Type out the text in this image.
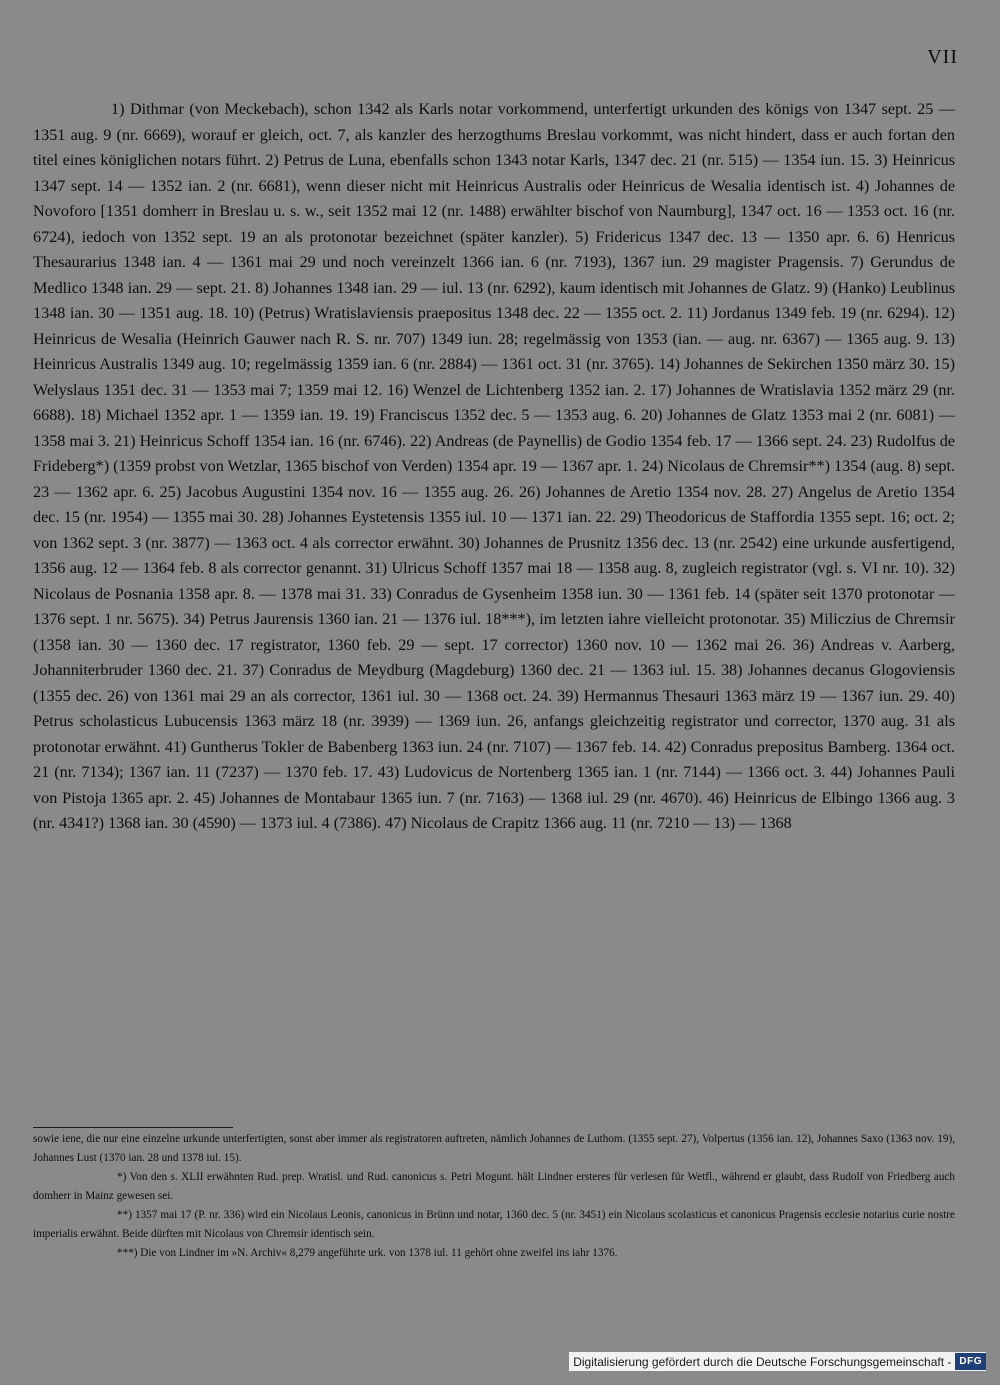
VII

1) Dithmar (von Meckebach), schon 1342 als Karls notar vorkommend, unterfertigt urkunden des königs von 1347 sept. 25 — 1351 aug. 9 (nr. 6669), worauf er gleich, oct. 7, als kanzler des herzogthums Breslau vorkommt, was nicht hindert, dass er auch fortan den titel eines königlichen notars führt. 2) Petrus de Luna, ebenfalls schon 1343 notar Karls, 1347 dec. 21 (nr. 515) — 1354 iun. 15. 3) Heinricus 1347 sept. 14 — 1352 ian. 2 (nr. 6681), wenn dieser nicht mit Heinricus Australis oder Heinricus de Wesalia identisch ist. 4) Johannes de Novoforo [1351 domherr in Breslau u. s. w., seit 1352 mai 12 (nr. 1488) erwählter bischof von Naumburg], 1347 oct. 16 — 1353 oct. 16 (nr. 6724), iedoch von 1352 sept. 19 an als protonotar bezeichnet (später kanzler). 5) Fridericus 1347 dec. 13 — 1350 apr. 6. 6) Henricus Thesaurarius 1348 ian. 4 — 1361 mai 29 und noch vereinzelt 1366 ian. 6 (nr. 7193), 1367 iun. 29 magister Pragensis. 7) Gerundus de Medlico 1348 ian. 29 — sept. 21. 8) Johannes 1348 ian. 29 — iul. 13 (nr. 6292), kaum identisch mit Johannes de Glatz. 9) (Hanko) Leublinus 1348 ian. 30 — 1351 aug. 18. 10) (Petrus) Wratislaviensis praepositus 1348 dec. 22 — 1355 oct. 2. 11) Jordanus 1349 feb. 19 (nr. 6294). 12) Heinricus de Wesalia (Heinrich Gauwer nach R. S. nr. 707) 1349 iun. 28; regelmässig von 1353 (ian. — aug. nr. 6367) — 1365 aug. 9. 13) Heinricus Australis 1349 aug. 10; regelmässig 1359 ian. 6 (nr. 2884) — 1361 oct. 31 (nr. 3765). 14) Johannes de Sekirchen 1350 märz 30. 15) Welyslaus 1351 dec. 31 — 1353 mai 7; 1359 mai 12. 16) Wenzel de Lichtenberg 1352 ian. 2. 17) Johannes de Wratislavia 1352 märz 29 (nr. 6688). 18) Michael 1352 apr. 1 — 1359 ian. 19. 19) Franciscus 1352 dec. 5 — 1353 aug. 6. 20) Johannes de Glatz 1353 mai 2 (nr. 6081) — 1358 mai 3. 21) Heinricus Schoff 1354 ian. 16 (nr. 6746). 22) Andreas (de Paynellis) de Godio 1354 feb. 17 — 1366 sept. 24. 23) Rudolfus de Frideberg*) (1359 probst von Wetzlar, 1365 bischof von Verden) 1354 apr. 19 — 1367 apr. 1. 24) Nicolaus de Chremsir**) 1354 (aug. 8) sept. 23 — 1362 apr. 6. 25) Jacobus Augustini 1354 nov. 16 — 1355 aug. 26. 26) Johannes de Aretio 1354 nov. 28. 27) Angelus de Aretio 1354 dec. 15 (nr. 1954) — 1355 mai 30. 28) Johannes Eystetensis 1355 iul. 10 — 1371 ian. 22. 29) Theodoricus de Staffordia 1355 sept. 16; oct. 2; von 1362 sept. 3 (nr. 3877) — 1363 oct. 4 als corrector erwähnt. 30) Johannes de Prusnitz 1356 dec. 13 (nr. 2542) eine urkunde ausfertigend, 1356 aug. 12 — 1364 feb. 8 als corrector genannt. 31) Ulricus Schoff 1357 mai 18 — 1358 aug. 8, zugleich registrator (vgl. s. VI nr. 10). 32) Nicolaus de Posnania 1358 apr. 8. — 1378 mai 31. 33) Conradus de Gysenheim 1358 iun. 30 — 1361 feb. 14 (später seit 1370 protonotar — 1376 sept. 1 nr. 5675). 34) Petrus Jaurensis 1360 ian. 21 — 1376 iul. 18***), im letzten iahre vielleicht protonotar. 35) Miliczius de Chremsir (1358 ian. 30 — 1360 dec. 17 registrator, 1360 feb. 29 — sept. 17 corrector) 1360 nov. 10 — 1362 mai 26. 36) Andreas v. Aarberg, Johanniterbruder 1360 dec. 21. 37) Conradus de Meydburg (Magdeburg) 1360 dec. 21 — 1363 iul. 15. 38) Johannes decanus Glogoviensis (1355 dec. 26) von 1361 mai 29 an als corrector, 1361 iul. 30 — 1368 oct. 24. 39) Hermannus Thesauri 1363 märz 19 — 1367 iun. 29. 40) Petrus scholasticus Lubucensis 1363 märz 18 (nr. 3939) — 1369 iun. 26, anfangs gleichzeitig registrator und corrector, 1370 aug. 31 als protonotar erwähnt. 41) Guntherus Tokler de Babenberg 1363 iun. 24 (nr. 7107) — 1367 feb. 14. 42) Conradus prepositus Bamberg. 1364 oct. 21 (nr. 7134); 1367 ian. 11 (7237) — 1370 feb. 17. 43) Ludovicus de Nortenberg 1365 ian. 1 (nr. 7144) — 1366 oct. 3. 44) Johannes Pauli von Pistoja 1365 apr. 2. 45) Johannes de Montabaur 1365 iun. 7 (nr. 7163) — 1368 iul. 29 (nr. 4670). 46) Heinricus de Elbingo 1366 aug. 3 (nr. 4341?) 1368 ian. 30 (4590) — 1373 iul. 4 (7386). 47) Nicolaus de Crapitz 1366 aug. 11 (nr. 7210 — 13) — 1368

sowie iene, die nur eine einzelne urkunde unterfertigten, sonst aber immer als registratoren auftreten, nämlich Johannes de Luthom. (1355 sept. 27), Volpertus (1356 ian. 12), Johannes Saxo (1363 nov. 19), Johannes Lust (1370 ian. 28 und 1378 iul. 15).

*) Von den s. XLII erwähnten Rud. prep. Wratisl. und Rud. canonicus s. Petri Mogunt. hält Lindner ersteres für verlesen für Wetfl., während er glaubt, dass Rudolf von Friedberg auch domherr in Mainz gewesen sei.

**) 1357 mai 17 (P. nr. 336) wird ein Nicolaus Leonis, canonicus in Brünn und notar, 1360 dec. 5 (nr. 3451) ein Nicolaus scolasticus et canonicus Pragensis ecclesie notarius curie nostre imperialis erwähnt. Beide dürften mit Nicolaus von Chremsir identisch sein.

***) Die von Lindner im »N. Archiv« 8,279 angeführte urk. von 1378 iul. 11 gehört ohne zweifel ins iahr 1376.

Digitalisierung gefördert durch die Deutsche Forschungsgemeinschaft - DFG
